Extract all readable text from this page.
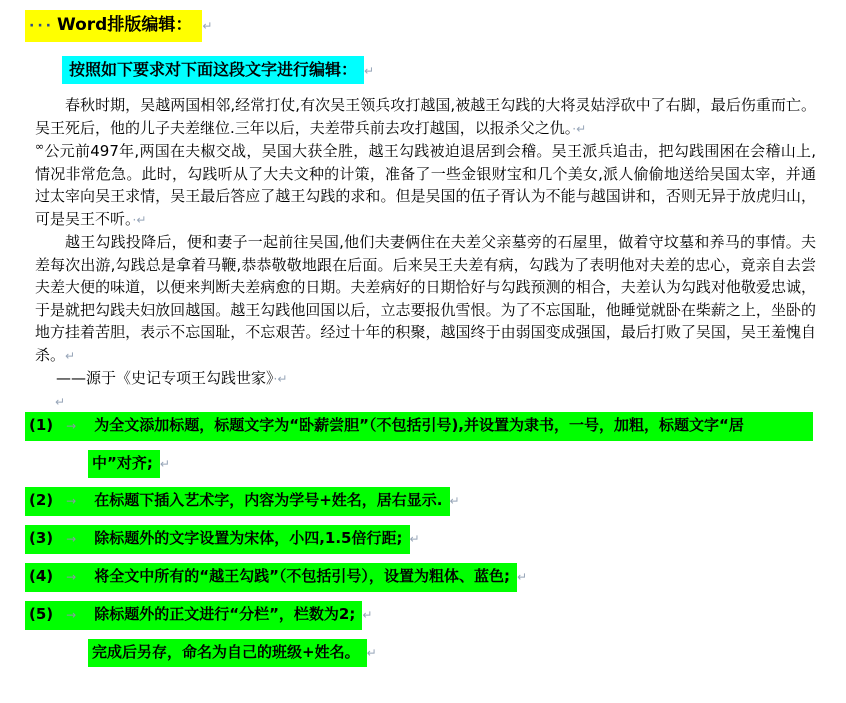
∙∙∙ Word排版编辑： ↵
按照如下要求对下面这段文字进行编辑： ↵

春秋时期，吴越两国相邻,经常打仗,有次吴王领兵攻打越国,被越王勾践的大将灵姑浮砍中了右脚，最后伤重而亡。吴王死后，他的儿子夫差继位.三年以后，夫差带兵前去攻打越国，以报杀父之仇。·↵

∞公元前497年,两国在夫椒交战，吴国大获全胜，越王勾践被迫退居到会稽。吴王派兵追击，把勾践围困在会稽山上,情况非常危急。此时，勾践听从了大夫文种的计策，准备了一些金银财宝和几个美女,派人偷偷地送给吴国太宰，并通过太宰向吴王求情，吴王最后答应了越王勾践的求和。但是吴国的伍子胥认为不能与越国讲和，否则无异于放虎归山，可是吴王不听。·↵

越王勾践投降后，便和妻子一起前往吴国,他们夫妻俩住在夫差父亲墓旁的石屋里，做着守坟墓和养马的事情。夫差每次出游,勾践总是拿着马鞭,恭恭敬敬地跟在后面。后来吴王夫差有病，勾践为了表明他对夫差的忠心，竟亲自去尝夫差大便的味道，以便来判断夫差病愈的日期。夫差病好的日期恰好与勾践预测的相合，夫差认为勾践对他敬爱忠诚，于是就把勾践夫妇放回越国。越王勾践他回国以后，立志要报仇雪恨。为了不忘国耻，他睡觉就卧在柴薪之上，坐卧的地方挂着苦胆，表示不忘国耻，不忘艰苦。经过十年的积聚，越国终于由弱国变成强国，最后打败了吴国，吴王羞愧自杀。↵

——源于《史记专项王勾践世家》·↵

↵
(1) → 为全文添加标题，标题文字为“卧薪尝胆”（不包括引号),并设置为隶书，一号，加粗，标题文字“居
中”对齐; ↵
(2) → 在标题下插入艺术字，内容为学号+姓名，居右显示. ↵
(3) → 除标题外的文字设置为宋体，小四,1.5倍行距; ↵
(4) → 将全文中所有的“越王勾践”（不包括引号），设置为粗体、蓝色; ↵
(5) → 除标题外的正文进行“分栏”，栏数为2; ↵
完成后另存，命名为自己的班级+姓名。 ↵
